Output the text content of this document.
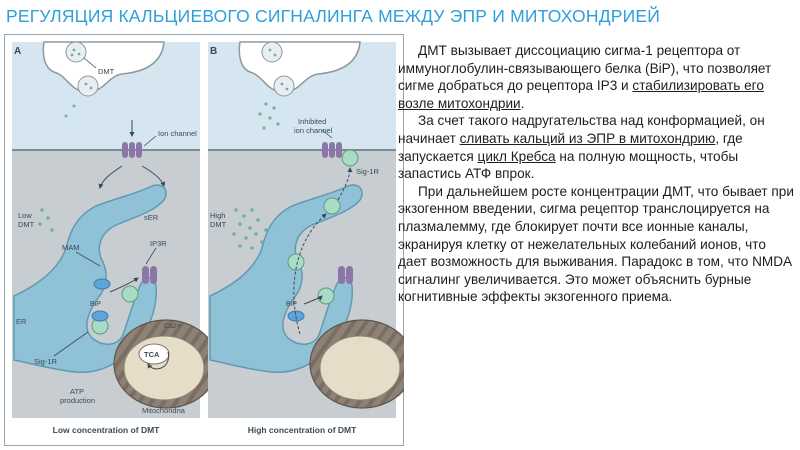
РЕГУЛЯЦИЯ КАЛЬЦИЕВОГО СИГНАЛИНГА МЕЖДУ ЭПР И МИТОХОНДРИЕЙ
A	B
DMT
Ion channel
Low
DMT
sER
MAM	IP3R
ER
BiP
Sig-1R
Ca2+
TCA
ATP
production
Mitochondria
Inhibited
ion channel
Sig-1R
High
DMT
BiP
Low concentration of DMT	High concentration of DMT

ДМТ вызывает диссоциацию сигма-1 рецептора от иммуноглобулин-связывающего белка (BiP), что позволяет сигме добраться до рецептора IP3 и стабилизировать его возле митохондрии.

За счет такого надругательства над конформацией, он начинает сливать кальций из ЭПР в митохондрию, где запускается цикл Кребса на полную мощность, чтобы запастись АТФ впрок.

При дальнейшем росте концентрации ДМТ, что бывает при экзогенном введении, сигма рецептор транслоцируется на плазмалемму, где блокирует почти все ионные каналы, экранируя клетку от нежелательных колебаний ионов, что дает возможность для выживания. Парадокс в том, что NMDA сигналинг увеличивается. Это может объяснить бурные когнитивные эффекты экзогенного приема.
